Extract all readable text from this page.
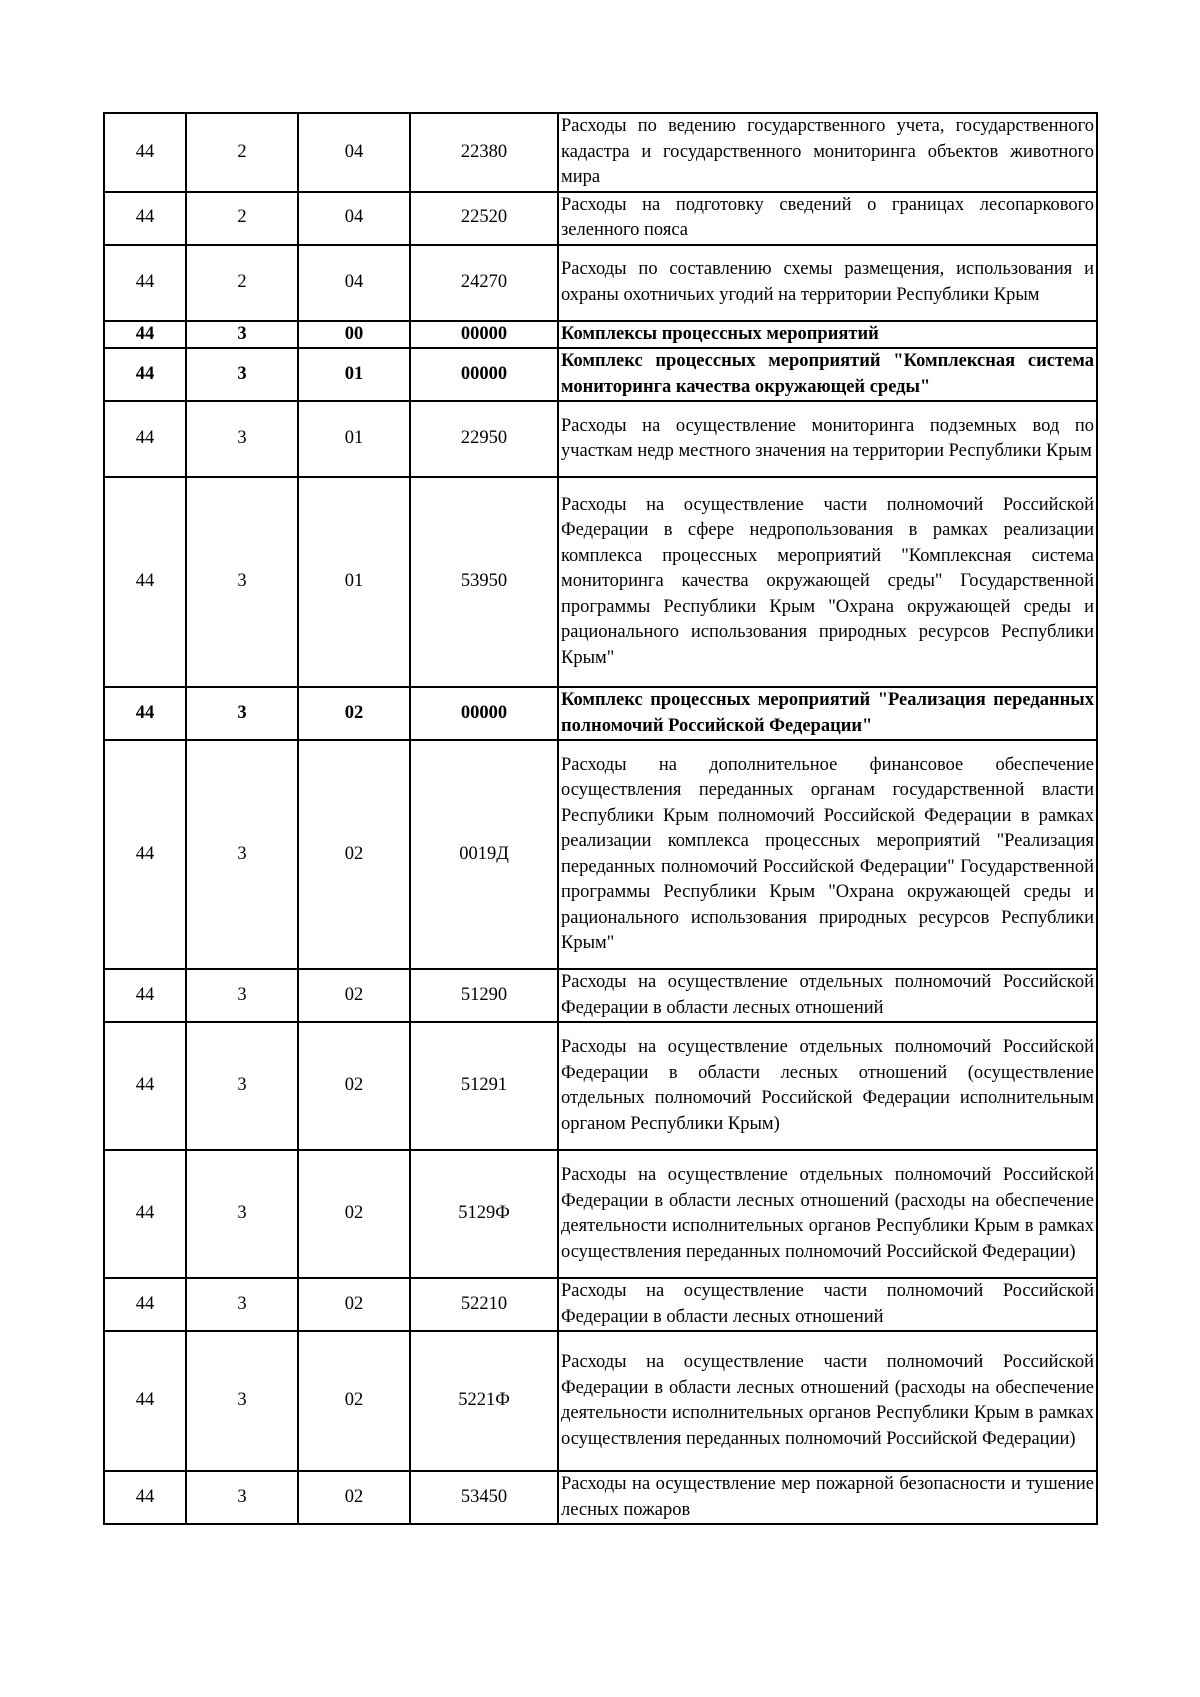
44	2	04	22380	Расходы по ведению государственного учета, государственного кадастра и государственного мониторинга объектов животного мира
44	2	04	22520	Расходы на подготовку сведений о границах лесопаркового зеленного пояса
44	2	04	24270	Расходы по составлению схемы размещения, использования и охраны охотничьих угодий на территории Республики Крым
44	3	00	00000	Комплексы процессных мероприятий
44	3	01	00000	Комплекс процессных мероприятий "Комплексная система мониторинга качества окружающей среды"
44	3	01	22950	Расходы на осуществление мониторинга подземных вод по участкам недр местного значения на территории Республики Крым
44	3	01	53950	Расходы на осуществление части полномочий Российской Федерации в сфере недропользования в рамках реализации комплекса процессных мероприятий "Комплексная система мониторинга качества окружающей среды" Государственной программы Республики Крым "Охрана окружающей среды и рационального использования природных ресурсов Республики Крым"
44	3	02	00000	Комплекс процессных мероприятий "Реализация переданных полномочий Российской Федерации"
44	3	02	0019Д	Расходы на дополнительное финансовое обеспечение осуществления переданных органам государственной власти Республики Крым полномочий Российской Федерации в рамках реализации комплекса процессных мероприятий "Реализация переданных полномочий Российской Федерации" Государственной программы Республики Крым "Охрана окружающей среды и рационального использования природных ресурсов Республики Крым"
44	3	02	51290	Расходы на осуществление отдельных полномочий Российской Федерации в области лесных отношений
44	3	02	51291	Расходы на осуществление отдельных полномочий Российской Федерации в области лесных отношений (осуществление отдельных полномочий Российской Федерации исполнительным органом Республики Крым)
44	3	02	5129Ф	Расходы на осуществление отдельных полномочий Российской Федерации в области лесных отношений (расходы на обеспечение деятельности исполнительных органов Республики Крым в рамках осуществления переданных полномочий Российской Федерации)
44	3	02	52210	Расходы на осуществление части полномочий Российской Федерации в области лесных отношений
44	3	02	5221Ф	Расходы на осуществление части полномочий Российской Федерации в области лесных отношений (расходы на обеспечение деятельности исполнительных органов Республики Крым в рамках осуществления переданных полномочий Российской Федерации)
44	3	02	53450	Расходы на осуществление мер пожарной безопасности и тушение лесных пожаров
